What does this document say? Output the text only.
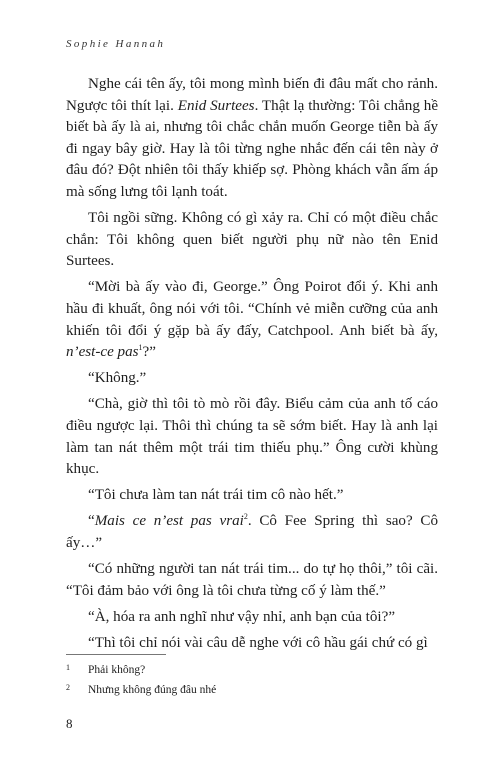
Sophie Hannah

Nghe cái tên ấy, tôi mong mình biến đi đâu mất cho rảnh. Ngược tôi thít lại. Enid Surtees. Thật lạ thường: Tôi chẳng hề biết bà ấy là ai, nhưng tôi chắc chắn muốn George tiễn bà ấy đi ngay bây giờ. Hay là tôi từng nghe nhắc đến cái tên này ở đâu đó? Đột nhiên tôi thấy khiếp sợ. Phòng khách vẫn ấm áp mà sống lưng tôi lạnh toát.

Tôi ngồi sững. Không có gì xảy ra. Chỉ có một điều chắc chắn: Tôi không quen biết người phụ nữ nào tên Enid Surtees.

“Mời bà ấy vào đi, George.” Ông Poirot đổi ý. Khi anh hầu đi khuất, ông nói với tôi. “Chính vẻ miễn cưỡng của anh khiến tôi đổi ý gặp bà ấy đấy, Catchpool. Anh biết bà ấy, n’est-ce pas$^1$?”

“Không.”

“Chà, giờ thì tôi tò mò rồi đây. Biểu cảm của anh tố cáo điều ngược lại. Thôi thì chúng ta sẽ sớm biết. Hay là anh lại làm tan nát thêm một trái tim thiếu phụ.” Ông cười khùng khục.

“Tôi chưa làm tan nát trái tim cô nào hết.”

“Mais ce n’est pas vrai$^2$. Cô Fee Spring thì sao? Cô ấy…”

“Có những người tan nát trái tim... do tự họ thôi,” tôi cãi. “Tôi đảm bảo với ông là tôi chưa từng cố ý làm thế.”

“À, hóa ra anh nghĩ như vậy nhỉ, anh bạn của tôi?”

“Thì tôi chỉ nói vài câu dễ nghe với cô hầu gái chứ có gì

1 Phải không?
2 Nhưng không đúng đâu nhé
8
